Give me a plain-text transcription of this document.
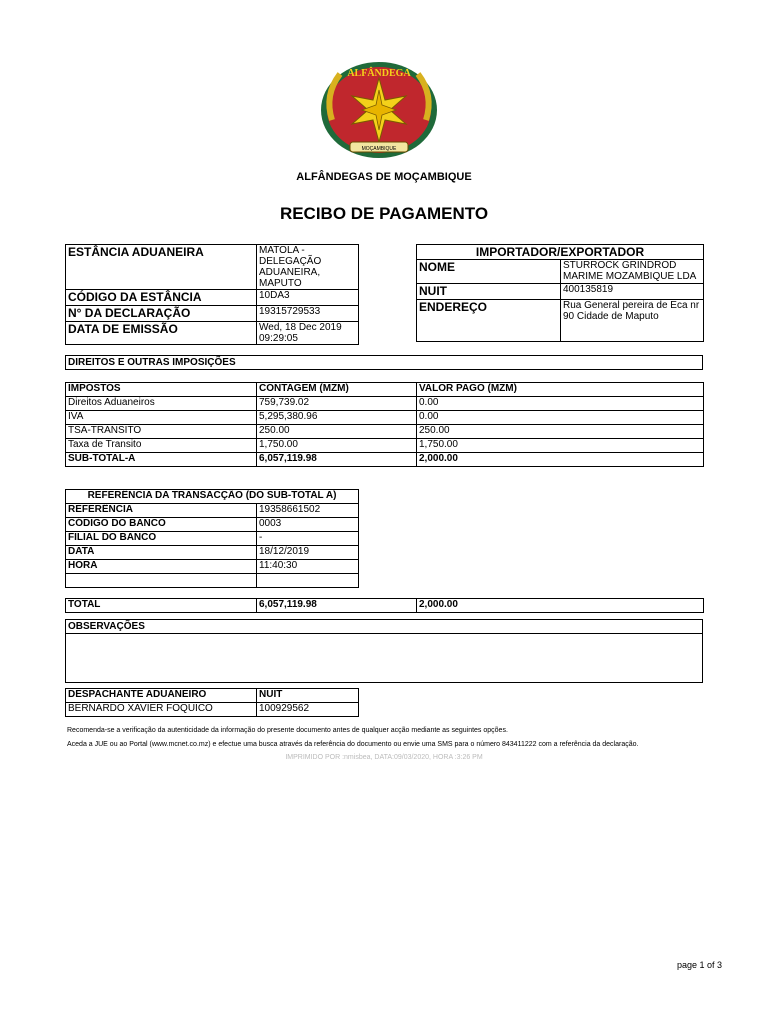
ALFÂNDEGA
MOÇAMBIQUE
ALFÂNDEGAS DE MOÇAMBIQUE
RECIBO DE PAGAMENTO
ESTÂNCIA ADUANEIRA	MATOLA - DELEGAÇÃO ADUANEIRA, MAPUTO
CÓDIGO DA ESTÂNCIA	10DA3
N° DA DECLARAÇÃO	19315729533
DATA DE EMISSÃO	Wed, 18 Dec 2019 09:29:05
IMPORTADOR/EXPORTADOR	
NOME	STURROCK GRINDROD MARIME MOZAMBIQUE LDA
NUIT	400135819
ENDEREÇO	Rua General pereira de Eca nr 90 Cidade de Maputo
DIREITOS E OUTRAS IMPOSIÇÕES
IMPOSTOS	CONTAGEM (MZM)	VALOR PAGO (MZM)
Direitos Aduaneiros	759,739.02	0.00
IVA	5,295,380.96	0.00
TSA-TRANSITO	250.00	250.00
Taxa de Transito	1,750.00	1,750.00
SUB-TOTAL-A	6,057,119.98	2,000.00
REFERÊNCIA DA TRANSACÇÃO (DO SUB-TOTAL A)	
REFERÊNCIA	19358661502
CÓDIGO DO BANCO	0003
FILIAL DO BANCO	-
DATA	18/12/2019
HORA	11:40:30

TOTAL	6,057,119.98	2,000.00
OBSERVAÇÕES
DESPACHANTE ADUANEIRO	NUIT
BERNARDO XAVIER FOQUICO	100929562
Recomenda-se a verificação da autenticidade da informação do presente documento antes de qualquer acção mediante as seguintes opções.
Aceda a JUE ou ao Portal (www.mcnet.co.mz) e efectue uma busca através da referência do documento ou envie uma SMS para o número 843411222 com a referência da declaração.
IMPRIMIDO POR :nmisbea, DATA:09/03/2020, HORA :3:26 PM
page 1 of 3
